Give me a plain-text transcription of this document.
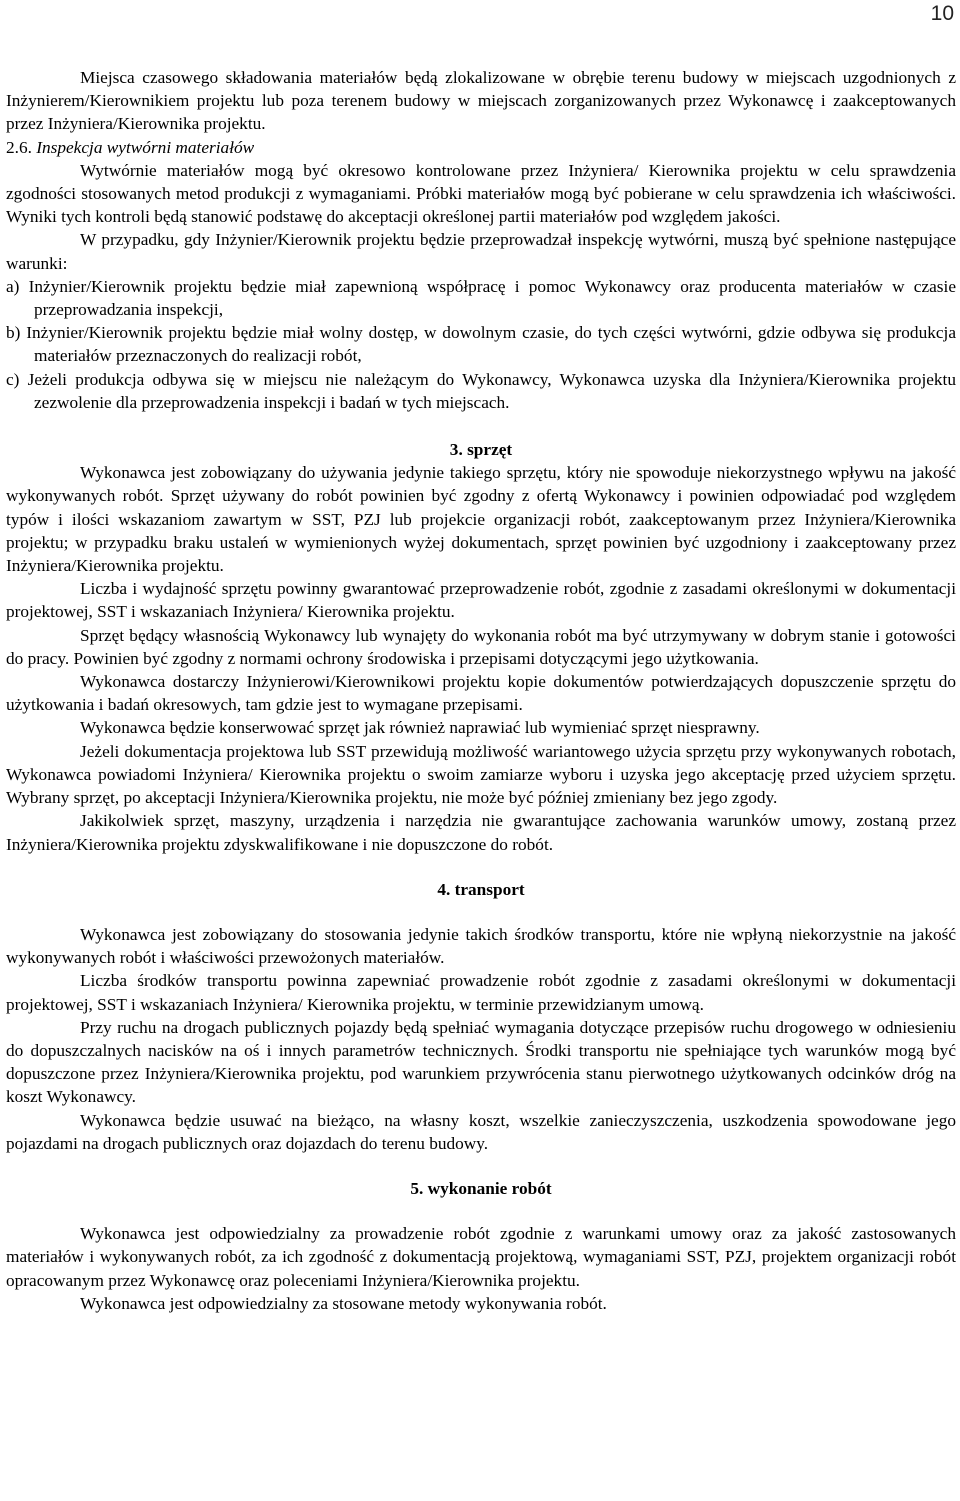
10

Miejsca czasowego składowania materiałów będą zlokalizowane w obrębie terenu budowy w miejscach uzgodnionych z Inżynierem/Kierownikiem projektu lub poza terenem budowy w miejscach zorganizowanych przez Wykonawcę i zaakceptowanych przez Inżyniera/Kierownika projektu.

2.6. Inspekcja wytwórni materiałów

Wytwórnie materiałów mogą być okresowo kontrolowane przez Inżyniera/ Kierownika projektu w celu sprawdzenia zgodności stosowanych metod produkcji z wymaganiami. Próbki materiałów mogą być pobierane w celu sprawdzenia ich właściwości. Wyniki tych kontroli będą stanowić podstawę do akceptacji określonej partii materiałów pod względem jakości.

W przypadku, gdy Inżynier/Kierownik projektu będzie przeprowadzał inspekcję wytwórni, muszą być spełnione następujące warunki:

a) Inżynier/Kierownik projektu będzie miał zapewnioną współpracę i pomoc Wykonawcy oraz producenta materiałów w czasie przeprowadzania inspekcji,

b) Inżynier/Kierownik projektu będzie miał wolny dostęp, w dowolnym czasie, do tych części wytwórni, gdzie odbywa się produkcja materiałów przeznaczonych do realizacji robót,

c) Jeżeli produkcja odbywa się w miejscu nie należącym do Wykonawcy, Wykonawca uzyska dla Inżyniera/Kierownika projektu zezwolenie dla przeprowadzenia inspekcji i badań w tych miejscach.

3. sprzęt

Wykonawca jest zobowiązany do używania jedynie takiego sprzętu, który nie spowoduje niekorzystnego wpływu na jakość wykonywanych robót. Sprzęt używany do robót powinien być zgodny z ofertą Wykonawcy i powinien odpowiadać pod względem typów i ilości wskazaniom zawartym w SST, PZJ lub projekcie organizacji robót, zaakceptowanym przez Inżyniera/Kierownika projektu; w przypadku braku ustaleń w wymienionych wyżej dokumentach, sprzęt powinien być uzgodniony i zaakceptowany przez Inżyniera/Kierownika projektu.

Liczba i wydajność sprzętu powinny gwarantować przeprowadzenie robót, zgodnie z zasadami określonymi w dokumentacji projektowej, SST i wskazaniach Inżyniera/ Kierownika projektu.

Sprzęt będący własnością Wykonawcy lub wynajęty do wykonania robót ma być utrzymywany w dobrym stanie i gotowości do pracy. Powinien być zgodny z normami ochrony środowiska i przepisami dotyczącymi jego użytkowania.

Wykonawca dostarczy Inżynierowi/Kierownikowi projektu kopie dokumentów potwierdzających dopuszczenie sprzętu do użytkowania i badań okresowych, tam gdzie jest to wymagane przepisami.

Wykonawca będzie konserwować sprzęt jak również naprawiać lub wymieniać sprzęt niesprawny.

Jeżeli dokumentacja projektowa lub SST przewidują możliwość wariantowego użycia sprzętu przy wykonywanych robotach, Wykonawca powiadomi Inżyniera/ Kierownika projektu o swoim zamiarze wyboru i uzyska jego akceptację przed użyciem sprzętu. Wybrany sprzęt, po akceptacji Inżyniera/Kierownika projektu, nie może być później zmieniany bez jego zgody.

Jakikolwiek sprzęt, maszyny, urządzenia i narzędzia nie gwarantujące zachowania warunków umowy, zostaną przez Inżyniera/Kierownika projektu zdyskwalifikowane i nie dopuszczone do robót.

4. transport

Wykonawca jest zobowiązany do stosowania jedynie takich środków transportu, które nie wpłyną niekorzystnie na jakość wykonywanych robót i właściwości przewożonych materiałów.

Liczba środków transportu powinna zapewniać prowadzenie robót zgodnie z zasadami określonymi w dokumentacji projektowej, SST i wskazaniach Inżyniera/ Kierownika projektu, w terminie przewidzianym umową.

Przy ruchu na drogach publicznych pojazdy będą spełniać wymagania dotyczące przepisów ruchu drogowego w odniesieniu do dopuszczalnych nacisków na oś i innych parametrów technicznych. Środki transportu nie spełniające tych warunków mogą być dopuszczone przez Inżyniera/Kierownika projektu, pod warunkiem przywrócenia stanu pierwotnego użytkowanych odcinków dróg na koszt Wykonawcy.

Wykonawca będzie usuwać na bieżąco, na własny koszt, wszelkie zanieczyszczenia, uszkodzenia spowodowane jego pojazdami na drogach publicznych oraz dojazdach do terenu budowy.

5. wykonanie robót

Wykonawca jest odpowiedzialny za prowadzenie robót zgodnie z warunkami umowy oraz za jakość zastosowanych materiałów i wykonywanych robót, za ich zgodność z dokumentacją projektową, wymaganiami SST, PZJ, projektem organizacji robót opracowanym przez Wykonawcę oraz poleceniami Inżyniera/Kierownika projektu.

Wykonawca jest odpowiedzialny za stosowane metody wykonywania robót.
